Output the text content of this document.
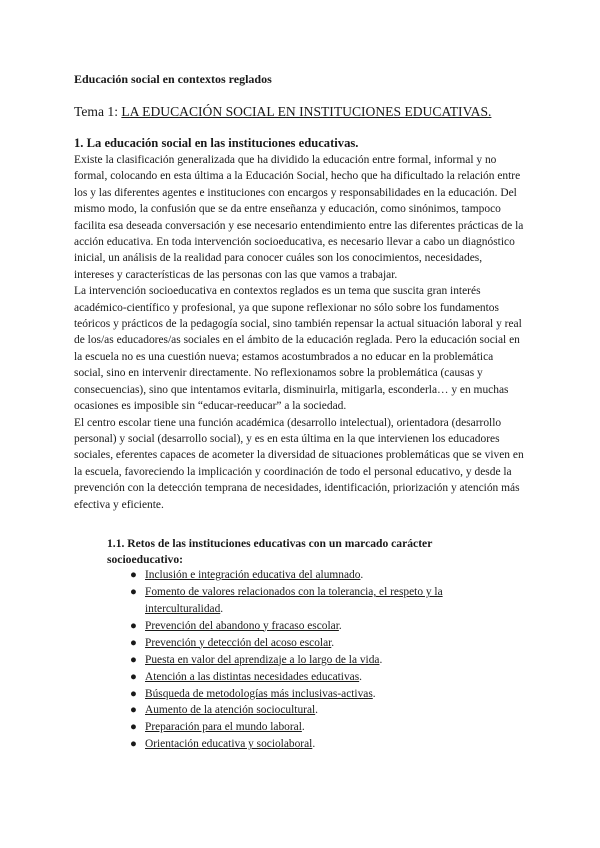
Educación social en contextos reglados

Tema 1: LA EDUCACIÓN SOCIAL EN INSTITUCIONES EDUCATIVAS.

1. La educación social en las instituciones educativas.

Existe la clasificación generalizada que ha dividido la educación entre formal, informal y no formal, colocando en esta última a la Educación Social, hecho que ha dificultado la relación entre los y las diferentes agentes e instituciones con encargos y responsabilidades en la educación. Del mismo modo, la confusión que se da entre enseñanza y educación, como sinónimos, tampoco facilita esa deseada conversación y ese necesario entendimiento entre las diferentes prácticas de la acción educativa. En toda intervención socioeducativa, es necesario llevar a cabo un diagnóstico inicial, un análisis de la realidad para conocer cuáles son los conocimientos, necesidades, intereses y características de las personas con las que vamos a trabajar.

La intervención socioeducativa en contextos reglados es un tema que suscita gran interés académico-científico y profesional, ya que supone reflexionar no sólo sobre los fundamentos teóricos y prácticos de la pedagogía social, sino también repensar la actual situación laboral y real de los/as educadores/as sociales en el ámbito de la educación reglada. Pero la educación social en la escuela no es una cuestión nueva; estamos acostumbrados a no educar en la problemática social, sino en intervenir directamente. No reflexionamos sobre la problemática (causas y consecuencias), sino que intentamos evitarla, disminuirla, mitigarla, esconderla… y en muchas ocasiones es imposible sin “educar-reeducar” a la sociedad.

El centro escolar tiene una función académica (desarrollo intelectual), orientadora (desarrollo personal) y social (desarrollo social), y es en esta última en la que intervienen los educadores sociales, eferentes capaces de acometer la diversidad de situaciones problemáticas que se viven en la escuela, favoreciendo la implicación y coordinación de todo el personal educativo, y desde la prevención con la detección temprana de necesidades, identificación, priorización y atención más efectiva y eficiente.

1.1. Retos de las instituciones educativas con un marcado carácter socioeducativo:

● Inclusión e integración educativa del alumnado.
● Fomento de valores relacionados con la tolerancia, el respeto y la interculturalidad.
● Prevención del abandono y fracaso escolar.
● Prevención y detección del acoso escolar.
● Puesta en valor del aprendizaje a lo largo de la vida.
● Atención a las distintas necesidades educativas.
● Búsqueda de metodologías más inclusivas-activas.
● Aumento de la atención sociocultural.
● Preparación para el mundo laboral.
● Orientación educativa y sociolaboral.
